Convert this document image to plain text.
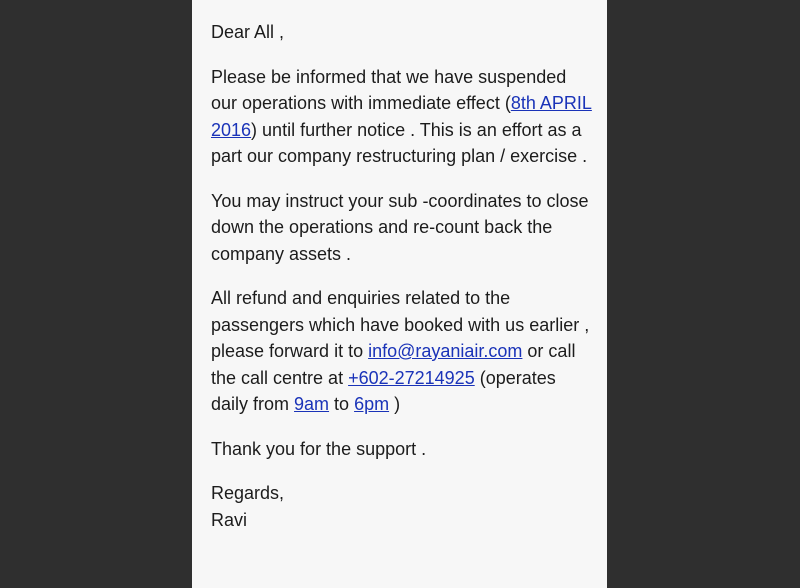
Dear All ,

Please be informed that we have suspended our operations with immediate effect (8th APRIL 2016) until further notice . This is an effort as a part our company restructuring plan / exercise .

You may instruct your sub -coordinates to close down the operations and re-count back the company assets .

All refund and enquiries related to the passengers which have booked with us earlier , please forward it to info@rayaniair.com or call the call centre at +602-27214925 (operates daily from 9am to 6pm )

Thank you for the support .

Regards,
Ravi
